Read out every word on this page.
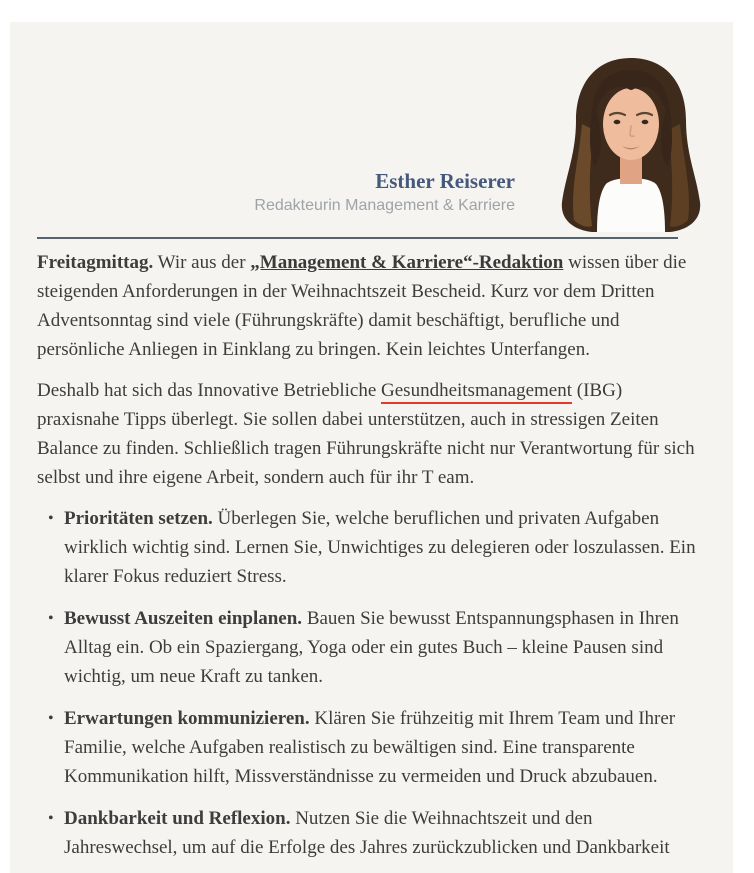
Esther Reiserer
Redakteurin Management & Karriere

Freitagmittag. Wir aus der „Management & Karriere“-Redaktion wissen über die steigenden Anforderungen in der Weihnachtszeit Bescheid. Kurz vor dem Dritten Adventsonntag sind viele (Führungskräfte) damit beschäftigt, berufliche und persönliche Anliegen in Einklang zu bringen. Kein leichtes Unterfangen.

Deshalb hat sich das Innovative Betriebliche Gesundheitsmanagement (IBG) praxisnahe Tipps überlegt. Sie sollen dabei unterstützen, auch in stressigen Zeiten Balance zu finden. Schließlich tragen Führungskräfte nicht nur Verantwortung für sich selbst und ihre eigene Arbeit, sondern auch für ihr T eam.

• Prioritäten setzen. Überlegen Sie, welche beruflichen und privaten Aufgaben wirklich wichtig sind. Lernen Sie, Unwichtiges zu delegieren oder loszulassen. Ein klarer Fokus reduziert Stress.
• Bewusst Auszeiten einplanen. Bauen Sie bewusst Entspannungsphasen in Ihren Alltag ein. Ob ein Spaziergang, Yoga oder ein gutes Buch – kleine Pausen sind wichtig, um neue Kraft zu tanken.
• Erwartungen kommunizieren. Klären Sie frühzeitig mit Ihrem Team und Ihrer Familie, welche Aufgaben realistisch zu bewältigen sind. Eine transparente Kommunikation hilft, Missverständnisse zu vermeiden und Druck abzubauen.
• Dankbarkeit und Reflexion. Nutzen Sie die Weihnachtszeit und den Jahreswechsel, um auf die Erfolge des Jahres zurückzublicken und Dankbarkeit
